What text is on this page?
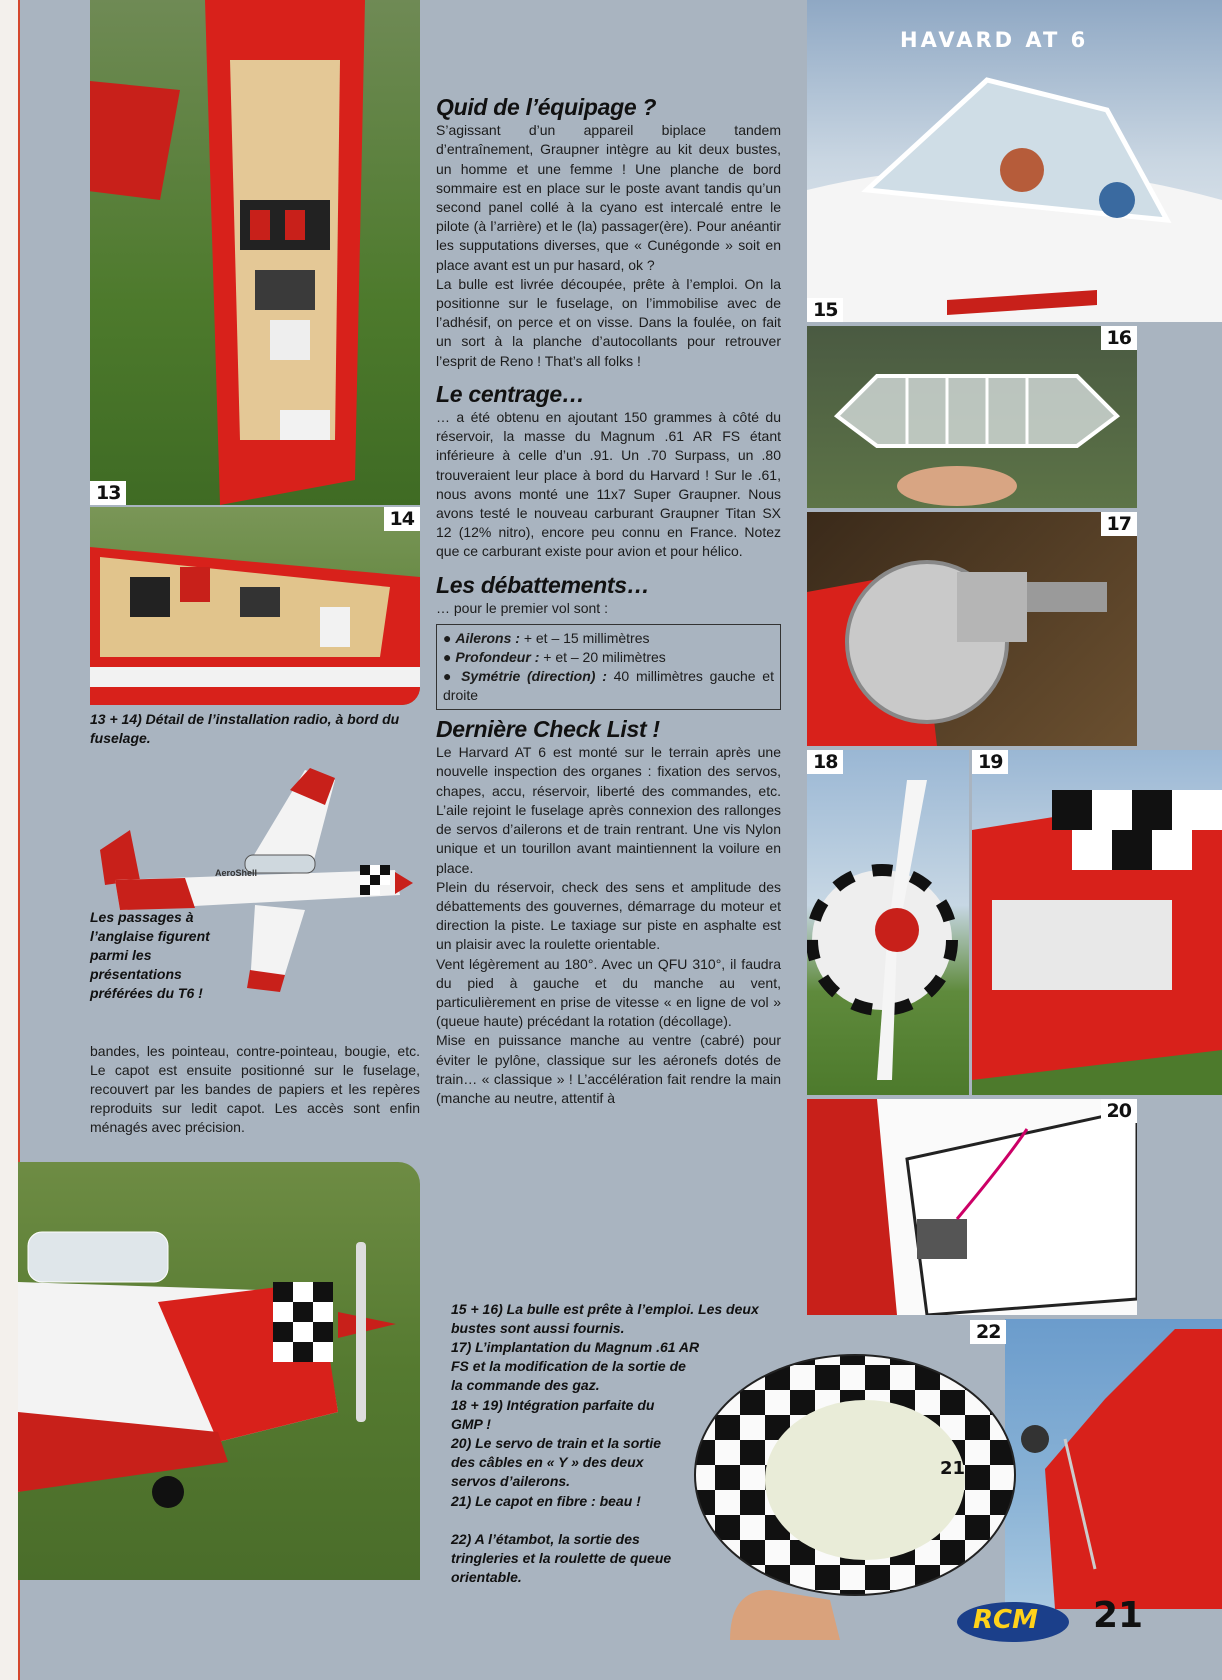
13
14
13 + 14) Détail de l’installation radio, à bord du fuselage.
AeroShell
Les passages à l’anglaise figurent parmi les présentations préférées du T6 !
bandes, les pointeau, contre-pointeau, bougie, etc. Le capot est ensuite positionné sur le fuselage, recouvert par les bandes de papiers et les repères reproduits sur ledit capot. Les accès sont enfin ménagés avec précision.
Quid de l’équipage ?

S’agissant d’un appareil biplace tandem d’entraînement, Graupner intègre au kit deux bustes, un homme et une femme ! Une planche de bord sommaire est en place sur le poste avant tandis qu’un second panel collé à la cyano est intercalé entre le pilote (à l’arrière) et le (la) passager(ère). Pour anéantir les supputations diverses, que « Cunégonde » soit en place avant est un pur hasard, ok ?

La bulle est livrée découpée, prête à l’emploi. On la positionne sur le fuselage, on l’immobilise avec de l’adhésif, on perce et on visse. Dans la foulée, on fait un sort à la planche d’autocollants pour retrouver l’esprit de Reno ! That’s all folks !

Le centrage…

… a été obtenu en ajoutant 150 grammes à côté du réservoir, la masse du Magnum .61 AR FS étant inférieure à celle d’un .91. Un .70 Surpass, un .80 trouveraient leur place à bord du Harvard ! Sur le .61, nous avons monté une 11x7 Super Graupner. Nous avons testé le nouveau carburant Graupner Titan SX 12 (12% nitro), encore peu connu en France. Notez que ce carburant existe pour avion et pour hélico.

Les débattements…

… pour le premier vol sont :

● Ailerons : + et – 15 millimètres
● Profondeur : + et – 20 milimètres
● Symétrie (direction) : 40 millimètres gauche et droite
Dernière Check List !

Le Harvard AT 6 est monté sur le terrain après une nouvelle inspection des organes : fixation des servos, chapes, accu, réservoir, liberté des commandes, etc. L’aile rejoint le fuselage après connexion des rallonges de servos d’ailerons et de train rentrant. Une vis Nylon unique et un tourillon avant maintiennent la voilure en place.

Plein du réservoir, check des sens et amplitude des débattements des gouvernes, démarrage du moteur et direction la piste. Le taxiage sur piste en asphalte est un plaisir avec la roulette orientable.

Vent légèrement au 180°. Avec un QFU 310°, il faudra du pied à gauche et du manche au vent, particulièrement en prise de vitesse « en ligne de vol » (queue haute) précédant la rotation (décollage).

Mise en puissance manche au ventre (cabré) pour éviter le pylône, classique sur les aéronefs dotés de train… « classique » ! L’accélération fait rendre la main (manche au neutre, attentif à

HAVARD AT 6
15
16
17
18	19
20
22
21
15 + 16) La bulle est prête à l’emploi. Les deux bustes sont aussi fournis.
17) L’implantation du Magnum .61 AR FS et la modification de la sortie de la commande des gaz.
18 + 19) Intégration parfaite du GMP !
20) Le servo de train et la sortie des câbles en « Y » des deux servos d’ailerons.
21) Le capot en fibre : beau !
22) A l’étambot, la sortie des tringleries et la roulette de queue orientable.
RCM 21
